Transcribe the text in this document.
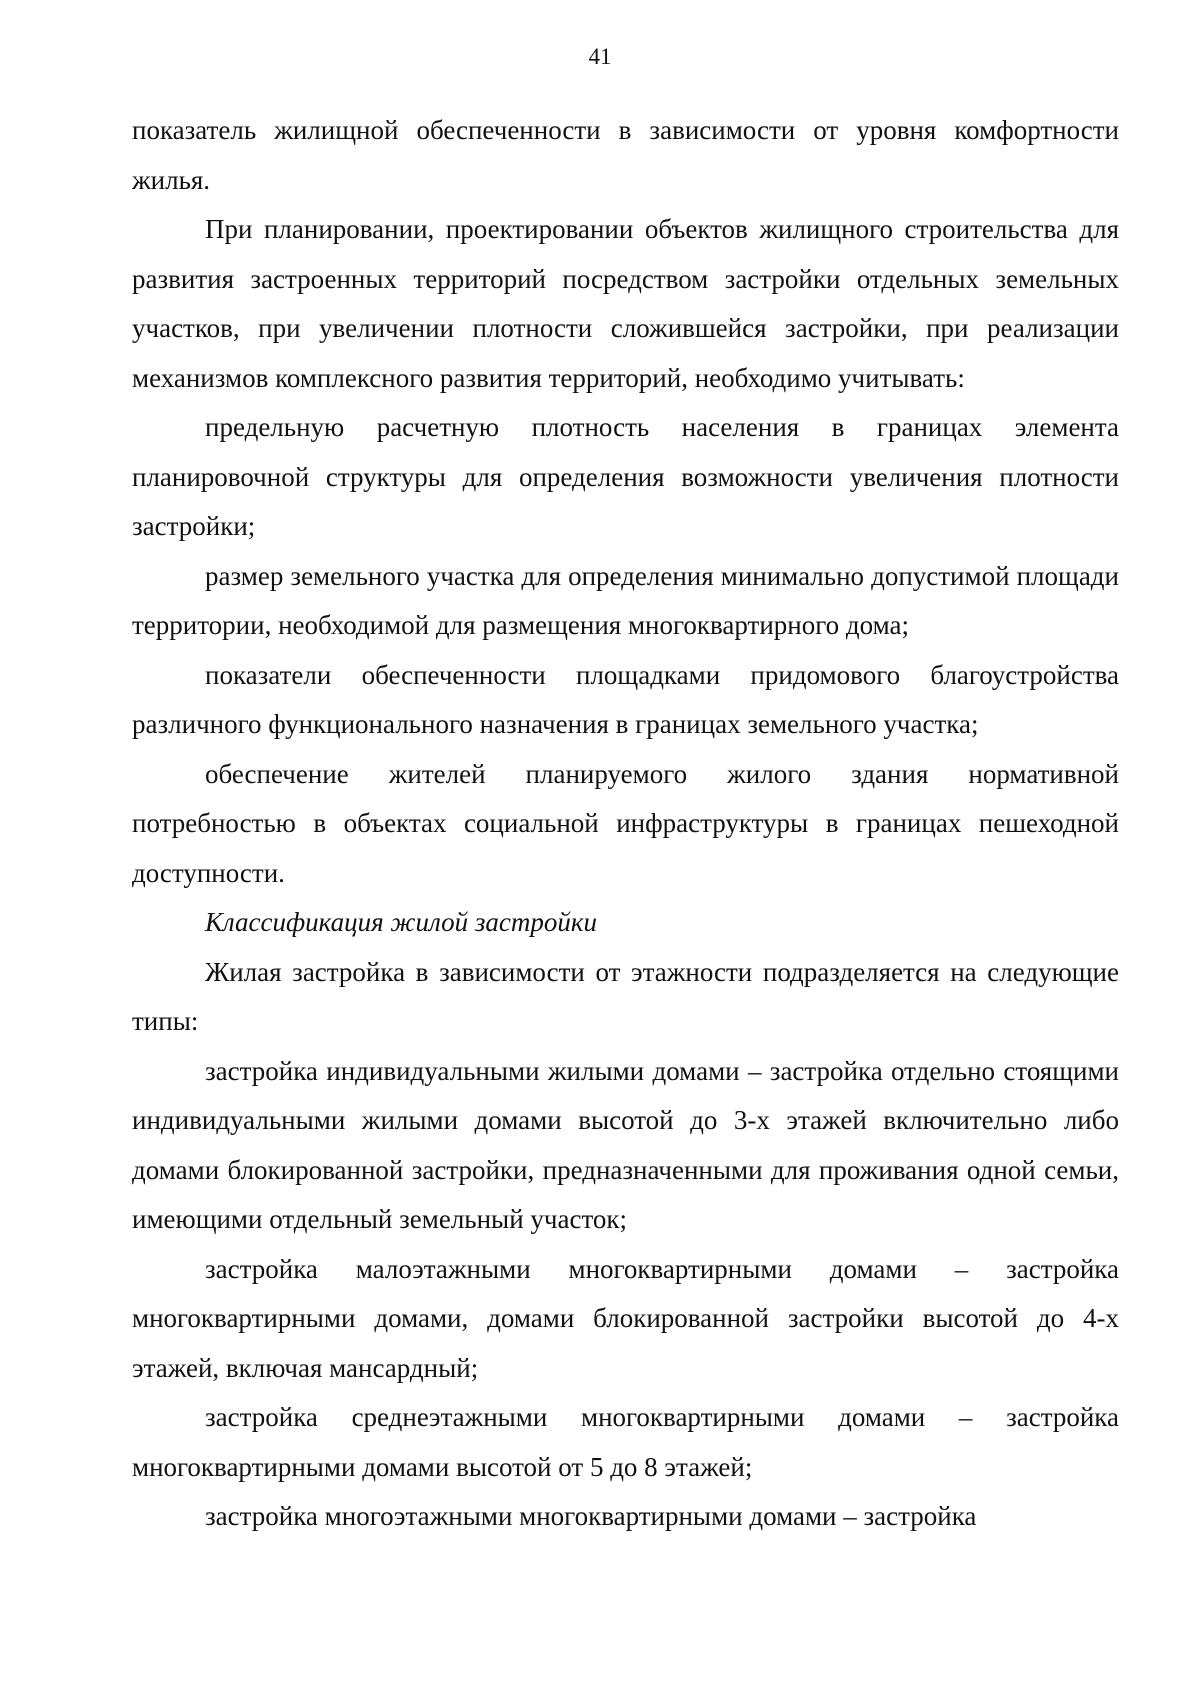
41

показатель жилищной обеспеченности в зависимости от уровня комфортности жилья.

При планировании, проектировании объектов жилищного строительства для развития застроенных территорий посредством застройки отдельных земельных участков, при увеличении плотности сложившейся застройки, при реализации механизмов комплексного развития территорий, необходимо учитывать:

предельную расчетную плотность населения в границах элемента планировочной структуры для определения возможности увеличения плотности застройки;

размер земельного участка для определения минимально допустимой площади территории, необходимой для размещения многоквартирного дома;

показатели обеспеченности площадками придомового благоустройства различного функционального назначения в границах земельного участка;

обеспечение жителей планируемого жилого здания нормативной потребностью в объектах социальной инфраструктуры в границах пешеходной доступности.

Классификация жилой застройки

Жилая застройка в зависимости от этажности подразделяется на следующие типы:

застройка индивидуальными жилыми домами – застройка отдельно стоящими индивидуальными жилыми домами высотой до 3-х этажей включительно либо домами блокированной застройки, предназначенными для проживания одной семьи, имеющими отдельный земельный участок;

застройка малоэтажными многоквартирными домами – застройка многоквартирными домами, домами блокированной застройки высотой до 4-х этажей, включая мансардный;

застройка среднеэтажными многоквартирными домами – застройка многоквартирными домами высотой от 5 до 8 этажей;

застройка многоэтажными многоквартирными домами – застройка
